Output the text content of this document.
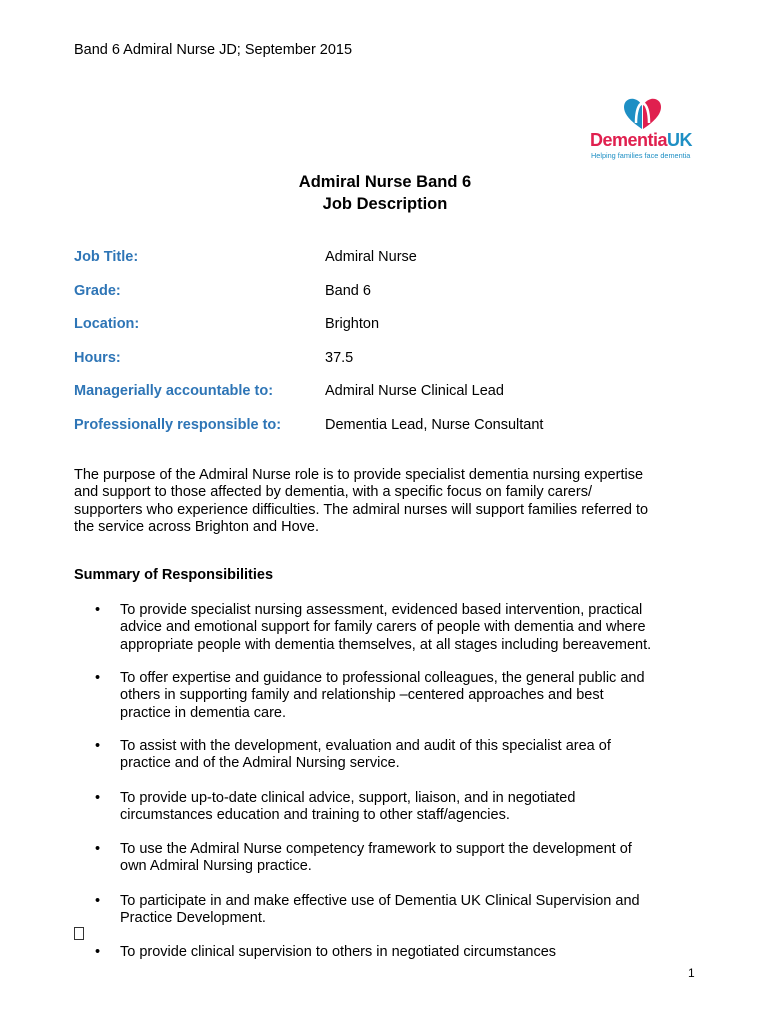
Band 6 Admiral Nurse JD; September 2015
DementiaUK
Helping families face dementia
Admiral Nurse Band 6
Job Description
Job Title:	Admiral Nurse
Grade:	Band 6
Location:	Brighton
Hours:	37.5
Managerially accountable to:	Admiral Nurse Clinical Lead
Professionally responsible to:	Dementia Lead, Nurse Consultant
The purpose of the Admiral Nurse role is to provide specialist dementia nursing expertise
and support to those affected by dementia, with a specific focus on family carers/
supporters who experience difficulties. The admiral nurses will support families referred to
the service across Brighton and Hove.
Summary of Responsibilities
• To provide specialist nursing assessment, evidenced based intervention, practical
advice and emotional support for family carers of people with dementia and where
appropriate people with dementia themselves, at all stages including bereavement.
• To offer expertise and guidance to professional colleagues, the general public and
others in supporting family and relationship –centered approaches and best
practice in dementia care.
• To assist with the development, evaluation and audit of this specialist area of
practice and of the Admiral Nursing service.
• To provide up-to-date clinical advice, support, liaison, and in negotiated
circumstances education and training to other staff/agencies.
• To use the Admiral Nurse competency framework to support the development of
own Admiral Nursing practice.
• To participate in and make effective use of Dementia UK Clinical Supervision and
Practice Development.
• To provide clinical supervision to others in negotiated circumstances
1
